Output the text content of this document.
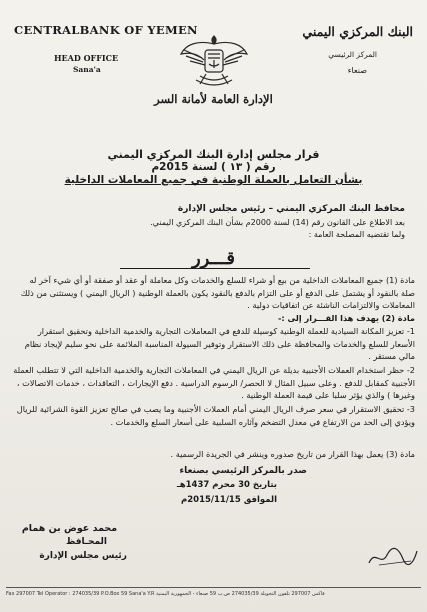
CENTRALBANK OF YEMEN
HEAD OFFICE
Sana'a
البنك المركزي اليمني
المركز الرئيسي
صنعاء
الإدارة العامة لأمانة السر
قرار مجلس إدارة البنك المركزي اليمني
رقم ( ١٣ ) لسنة 2015م
بشأن التعامل بالعملة الوطنية في جميع المعاملات الداخلية
محافظ البنك المركزي اليمني – رئيس مجلس الإدارة
بعد الاطلاع على القانون رقم (14) لسنة 2000م بشأن البنك المركزي اليمني.
ولما تقتضيه المصلحة العامة :
قـــرر
مادة (1) جميع المعاملات الداخلية من بيع أو شراء للسلع والخدمات وكل معاملة أو عقد أو صفقة أو أي شيء آخر له صلة بالنقود أو يشتمل على الدفع أو على التزام بالدفع بالنقود يكون بالعملة الوطنية ( الريال اليمني ) ويستثنى من ذلك المعاملات والالتزامات الناشئة عن اتفاقيات دولية .
مادة (2) يهدف هذا القـــرار إلى :-
1- تعزيز المكانة السيادية للعملة الوطنية كوسيلة للدفع في المعاملات التجارية والخدمية الداخلية وتحقيق استقرار الأسعار للسلع والخدمات والمحافظة على ذلك الاستقرار وتوفير السيولة المناسبة الملائمة على نحو سليم لإيجاد نظام مالي مستقر .
2- حظر استخدام العملات الأجنبية بديلة عن الريال اليمني في المعاملات التجارية والخدمية الداخلية التي لا تتطلب العملة الأجنبية كمقابل للدفع . وعلى سبيل المثال لا الحصر/ الرسوم الدراسية . دفع الإيجارات ، التعاقدات ، خدمات الاتصالات ، وغيرها ) والذي يؤثر سلبا على قيمة العملة الوطنية .
3- تحقيق الاستقرار في سعر صرف الريال اليمني أمام العملات الأجنبية وما يصب في صالح تعزيز القوة الشرائية للريال ويؤدي إلى الحد من الارتفاع في معدل التضخم وآثاره السلبية على أسعار السلع والخدمات .
مادة (3) يعمل بهذا القرار من تاريخ صدوره وينشر في الجريدة الرسمية .
صدر بالمركز الرئيسي بصنعاء
بتاريخ 30 محرم 1437هـ
الموافق 2015/11/15م
محمد عوض بن همام
المحـافظ
رئيس مجلس الإدارة
Fax 297007 Tel Operator : 274035/39 P.O.Box 59 Sana'a Y.R فاكس 297007 تلفون التحويلة 274035/39 ص.ب 59 صنعاء - الجمهورية اليمنية
